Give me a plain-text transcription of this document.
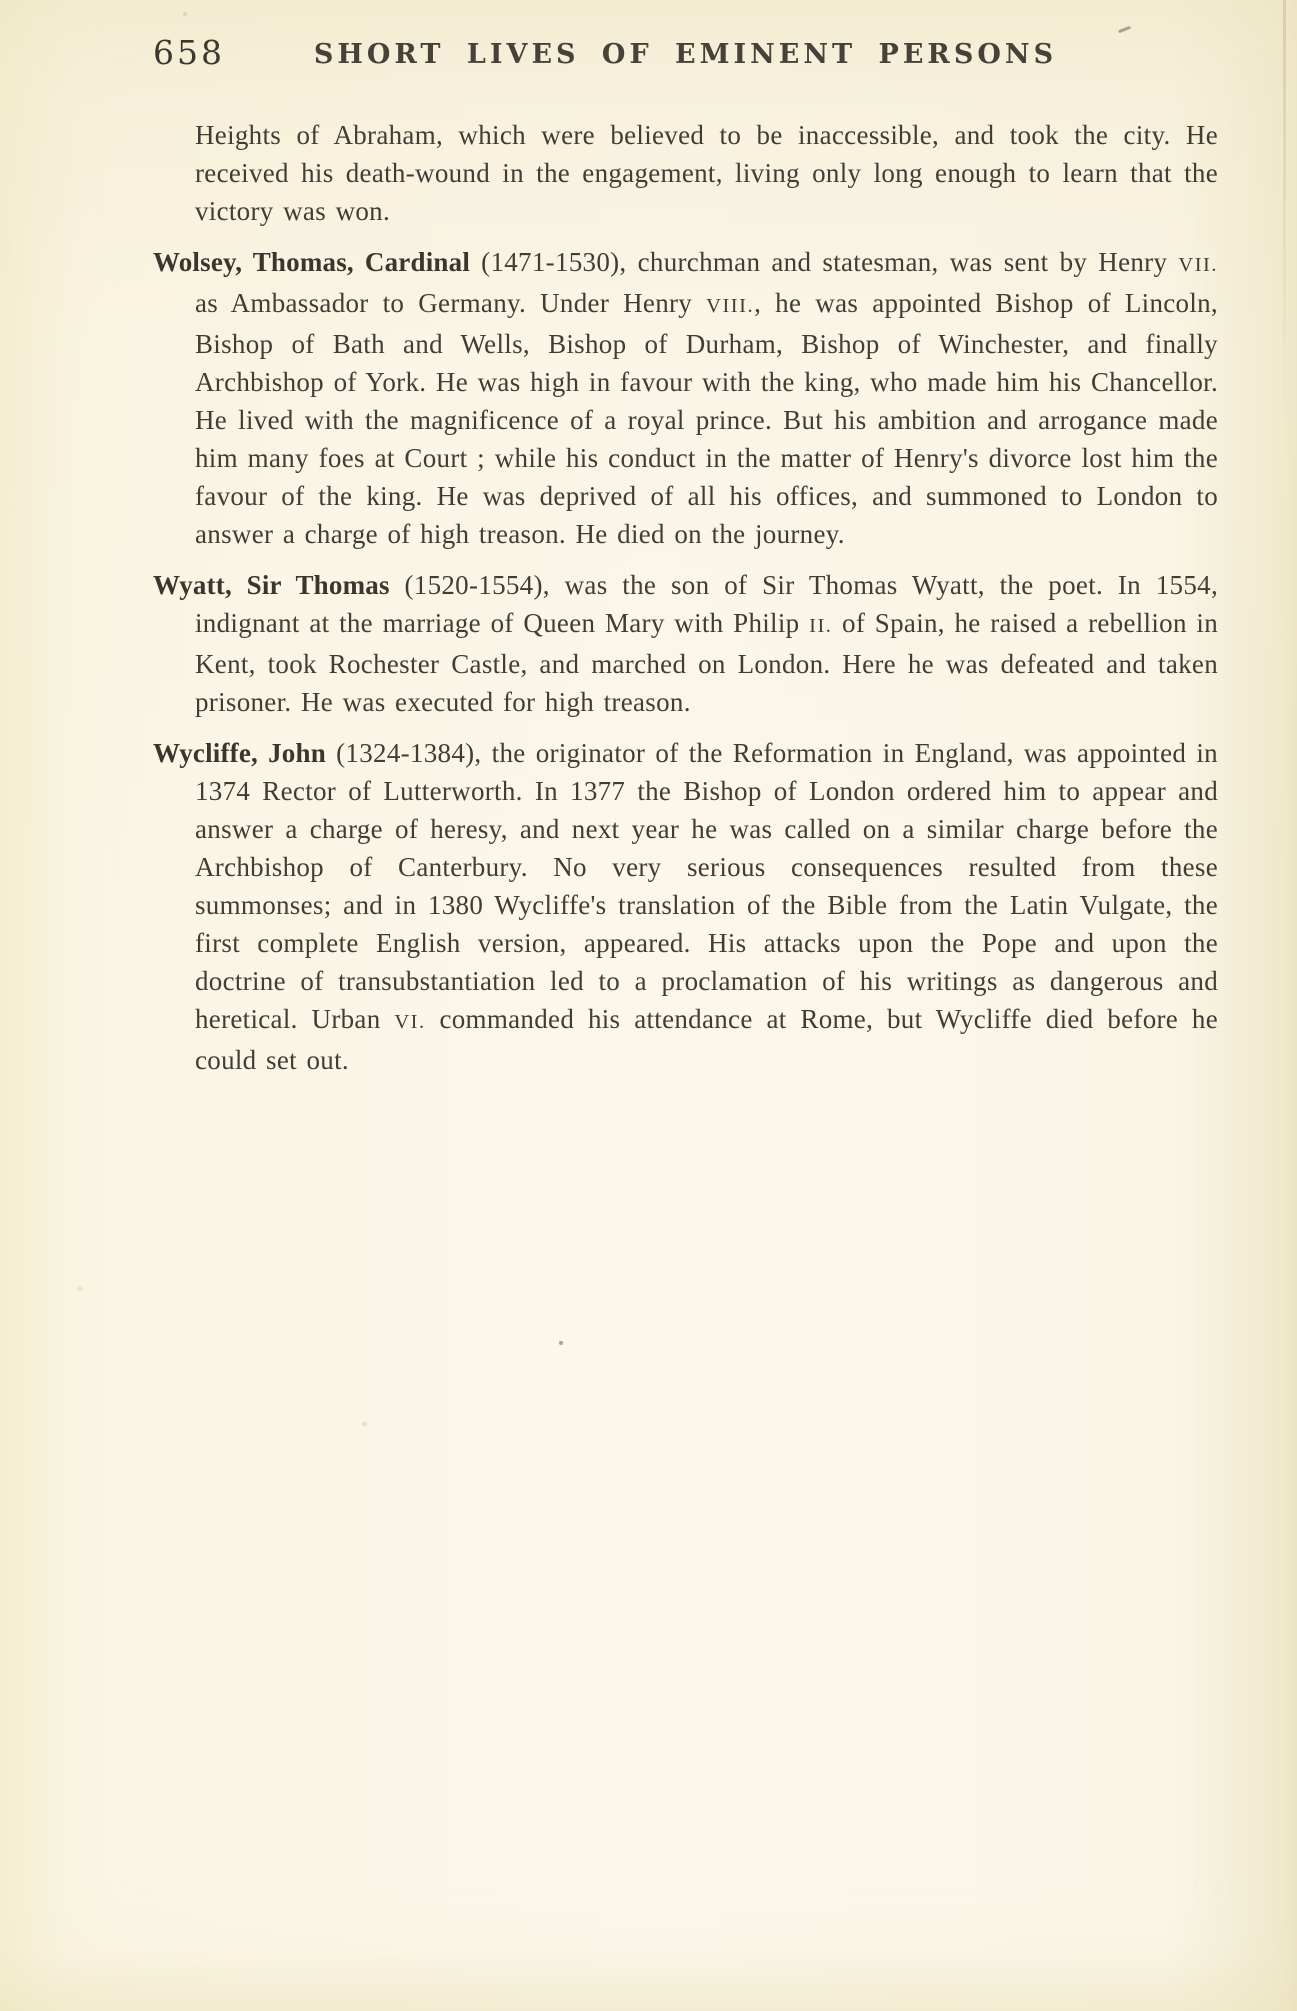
658	SHORT LIVES OF EMINENT PERSONS
Heights of Abraham, which were believed to be inaccessible, and took the city. He received his death-wound in the engagement, living only long enough to learn that the victory was won.
Wolsey, Thomas, Cardinal (1471-1530), churchman and statesman, was sent by Henry VII. as Ambassador to Germany. Under Henry VIII., he was appointed Bishop of Lincoln, Bishop of Bath and Wells, Bishop of Durham, Bishop of Winchester, and finally Archbishop of York. He was high in favour with the king, who made him his Chancellor. He lived with the magnificence of a royal prince. But his ambition and arrogance made him many foes at Court ; while his conduct in the matter of Henry's divorce lost him the favour of the king. He was deprived of all his offices, and summoned to London to answer a charge of high treason. He died on the journey.
Wyatt, Sir Thomas (1520-1554), was the son of Sir Thomas Wyatt, the poet. In 1554, indignant at the marriage of Queen Mary with Philip II. of Spain, he raised a rebellion in Kent, took Rochester Castle, and marched on London. Here he was defeated and taken prisoner. He was executed for high treason.
Wycliffe, John (1324-1384), the originator of the Reformation in England, was appointed in 1374 Rector of Lutterworth. In 1377 the Bishop of London ordered him to appear and answer a charge of heresy, and next year he was called on a similar charge before the Archbishop of Canterbury. No very serious consequences resulted from these summonses; and in 1380 Wycliffe's translation of the Bible from the Latin Vulgate, the first complete English version, appeared. His attacks upon the Pope and upon the doctrine of transubstantiation led to a proclamation of his writings as dangerous and heretical. Urban VI. commanded his attendance at Rome, but Wycliffe died before he could set out.
